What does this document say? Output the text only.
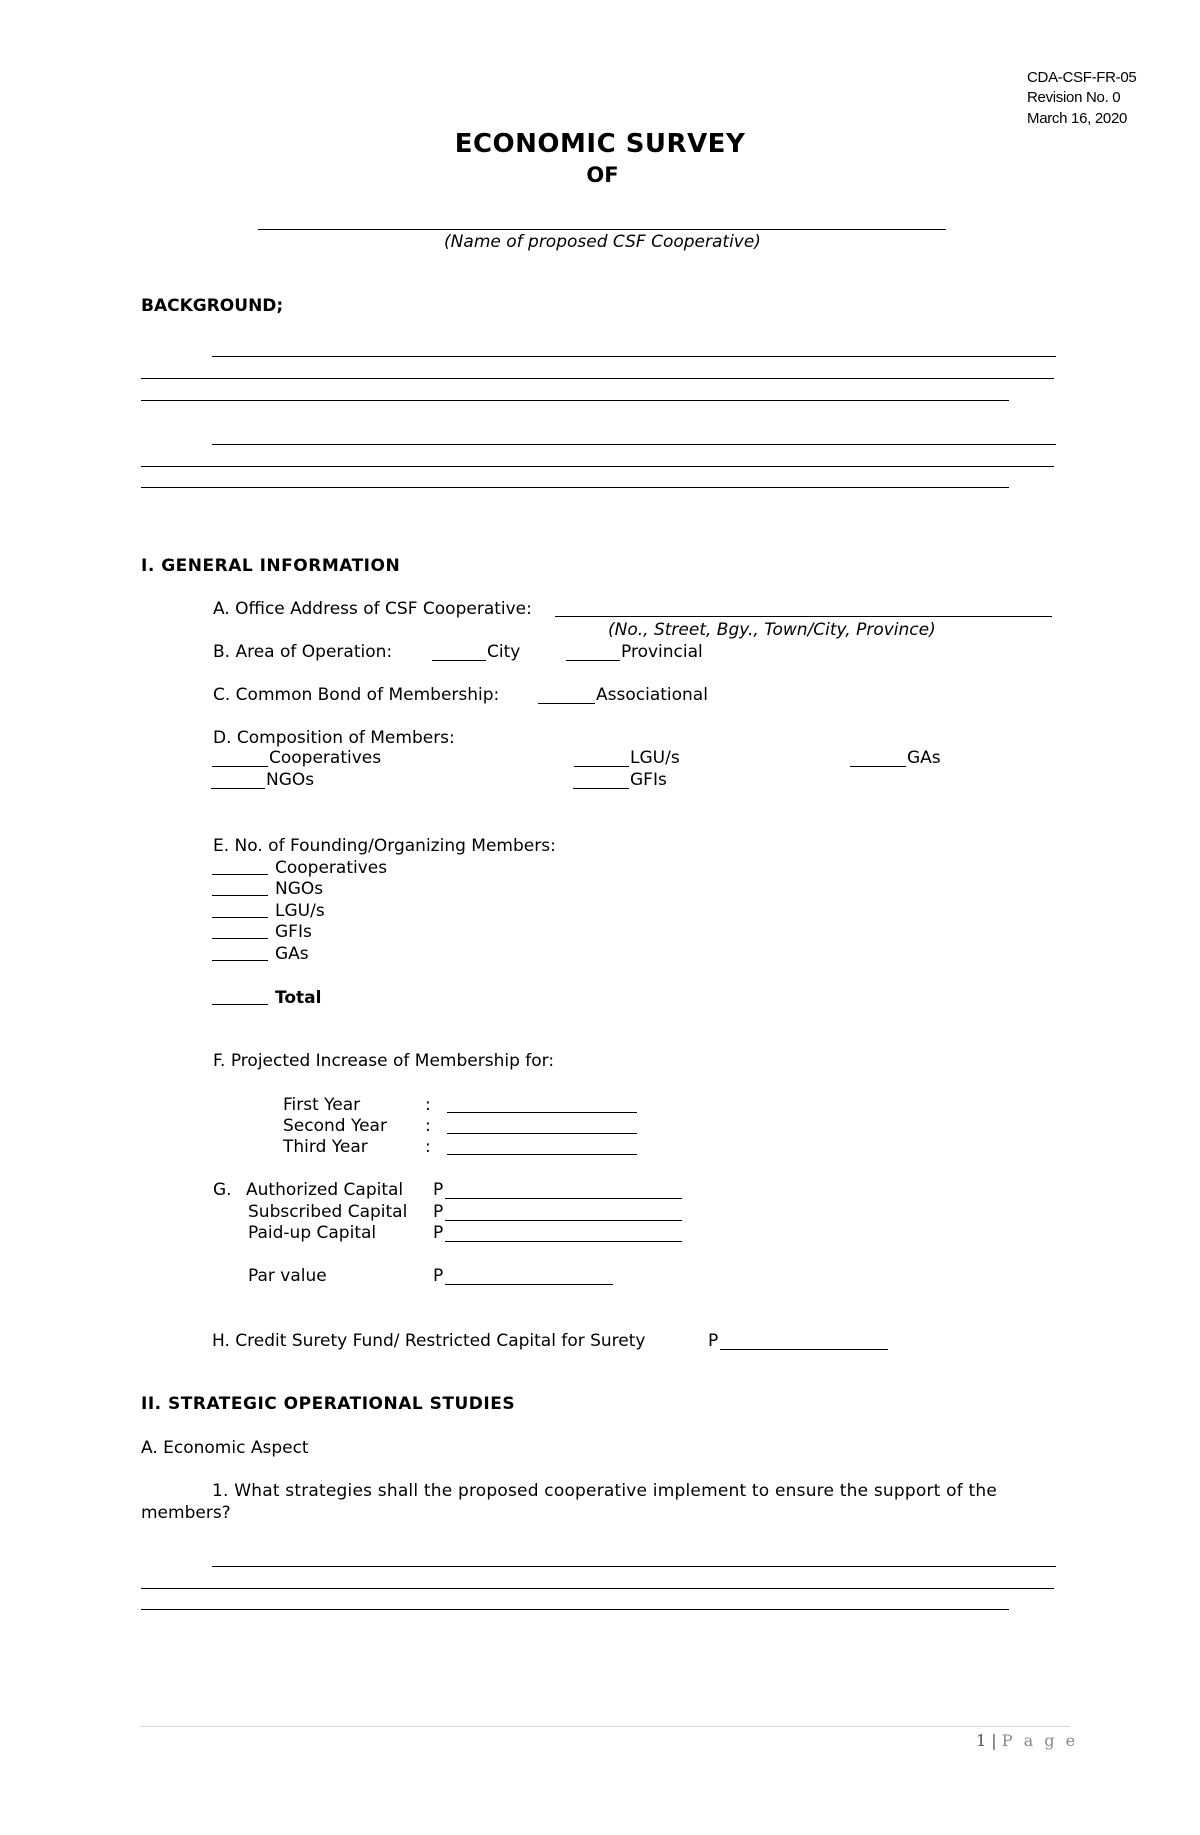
CDA-CSF-FR-05
Revision No. 0
March 16, 2020
ECONOMIC SURVEY
OF
(Name of proposed CSF Cooperative)
BACKGROUND;
I. GENERAL INFORMATION
A. Office Address of CSF Cooperative:
(No., Street, Bgy., Town/City, Province)
B. Area of Operation:	City	Provincial
C. Common Bond of Membership:	Associational
D. Composition of Members:
Cooperatives	LGU/s	GAs
NGOs	GFIs
E. No. of Founding/Organizing Members:
Cooperatives
NGOs
LGU/s
GFIs
GAs
Total
F. Projected Increase of Membership for:
First Year	:
Second Year :
Third Year	:
G. Authorized Capital P
Subscribed Capital P
Paid-up Capital	P
Par value	P
H. Credit Surety Fund/ Restricted Capital for Surety	P
II. STRATEGIC OPERATIONAL STUDIES
A. Economic Aspect
1. What strategies shall the proposed cooperative implement to ensure the support of the
members?
1 | P a g e
